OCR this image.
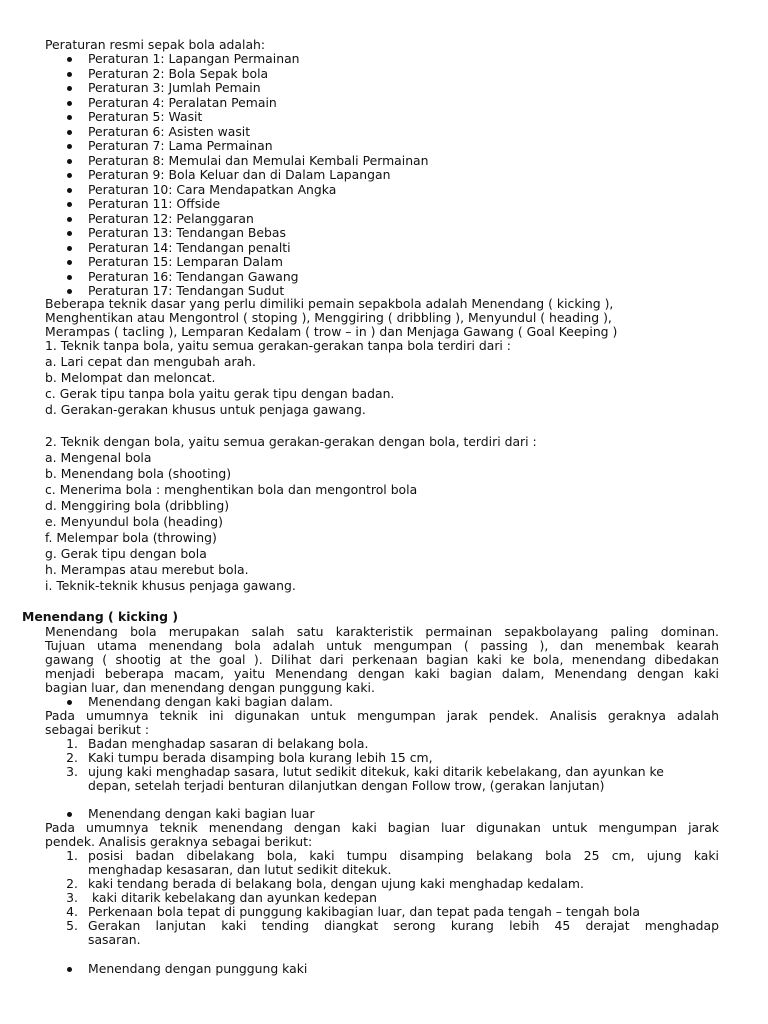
Peraturan resmi sepak bola adalah:
Peraturan 1: Lapangan Permainan
Peraturan 2: Bola Sepak bola
Peraturan 3: Jumlah Pemain
Peraturan 4: Peralatan Pemain
Peraturan 5: Wasit
Peraturan 6: Asisten wasit
Peraturan 7: Lama Permainan
Peraturan 8: Memulai dan Memulai Kembali Permainan
Peraturan 9: Bola Keluar dan di Dalam Lapangan
Peraturan 10: Cara Mendapatkan Angka
Peraturan 11: Offside
Peraturan 12: Pelanggaran
Peraturan 13: Tendangan Bebas
Peraturan 14: Tendangan penalti
Peraturan 15: Lemparan Dalam
Peraturan 16: Tendangan Gawang
Peraturan 17: Tendangan Sudut
Beberapa teknik dasar yang perlu dimiliki pemain sepakbola adalah Menendang ( kicking ),
Menghentikan atau Mengontrol ( stoping ), Menggiring ( dribbling ), Menyundul ( heading ),
Merampas ( tacling ), Lemparan Kedalam ( trow – in ) dan Menjaga Gawang ( Goal Keeping )
1. Teknik tanpa bola, yaitu semua gerakan-gerakan tanpa bola terdiri dari :
a. Lari cepat dan mengubah arah.
b. Melompat dan meloncat.
c. Gerak tipu tanpa bola yaitu gerak tipu dengan badan.
d. Gerakan-gerakan khusus untuk penjaga gawang.
2. Teknik dengan bola, yaitu semua gerakan-gerakan dengan bola, terdiri dari :
a. Mengenal bola
b. Menendang bola (shooting)
c. Menerima bola : menghentikan bola dan mengontrol bola
d. Menggiring bola (dribbling)
e. Menyundul bola (heading)
f. Melempar bola (throwing)
g. Gerak tipu dengan bola
h. Merampas atau merebut bola.
i. Teknik-teknik khusus penjaga gawang.
Menendang ( kicking )
Menendang bola merupakan salah satu karakteristik permainan sepakbolayang paling dominan.
Tujuan utama menendang bola adalah untuk mengumpan ( passing ), dan menembak kearah
gawang ( shootig at the goal ). Dilihat dari perkenaan bagian kaki ke bola, menendang dibedakan
menjadi beberapa macam, yaitu Menendang dengan kaki bagian dalam, Menendang dengan kaki
bagian luar, dan menendang dengan punggung kaki.
Menendang dengan kaki bagian dalam.
Pada umumnya teknik ini digunakan untuk mengumpan jarak pendek. Analisis geraknya adalah
sebagai berikut :
1. Badan menghadap sasaran di belakang bola.
2. Kaki tumpu berada disamping bola kurang lebih 15 cm,
3. ujung kaki menghadap sasara, lutut sedikit ditekuk, kaki ditarik kebelakang, dan ayunkan ke
depan, setelah terjadi benturan dilanjutkan dengan Follow trow, (gerakan lanjutan)
Menendang dengan kaki bagian luar
Pada umumnya teknik menendang dengan kaki bagian luar digunakan untuk mengumpan jarak
pendek. Analisis geraknya sebagai berikut:
1. posisi badan dibelakang bola, kaki tumpu disamping belakang bola 25 cm, ujung kaki
menghadap kesasaran, dan lutut sedikit ditekuk.
2. kaki tendang berada di belakang bola, dengan ujung kaki menghadap kedalam.
3. kaki ditarik kebelakang dan ayunkan kedepan
4. Perkenaan bola tepat di punggung kakibagian luar, dan tepat pada tengah – tengah bola
5. Gerakan lanjutan kaki tending diangkat serong kurang lebih 45 derajat menghadap
sasaran.
Menendang dengan punggung kaki
